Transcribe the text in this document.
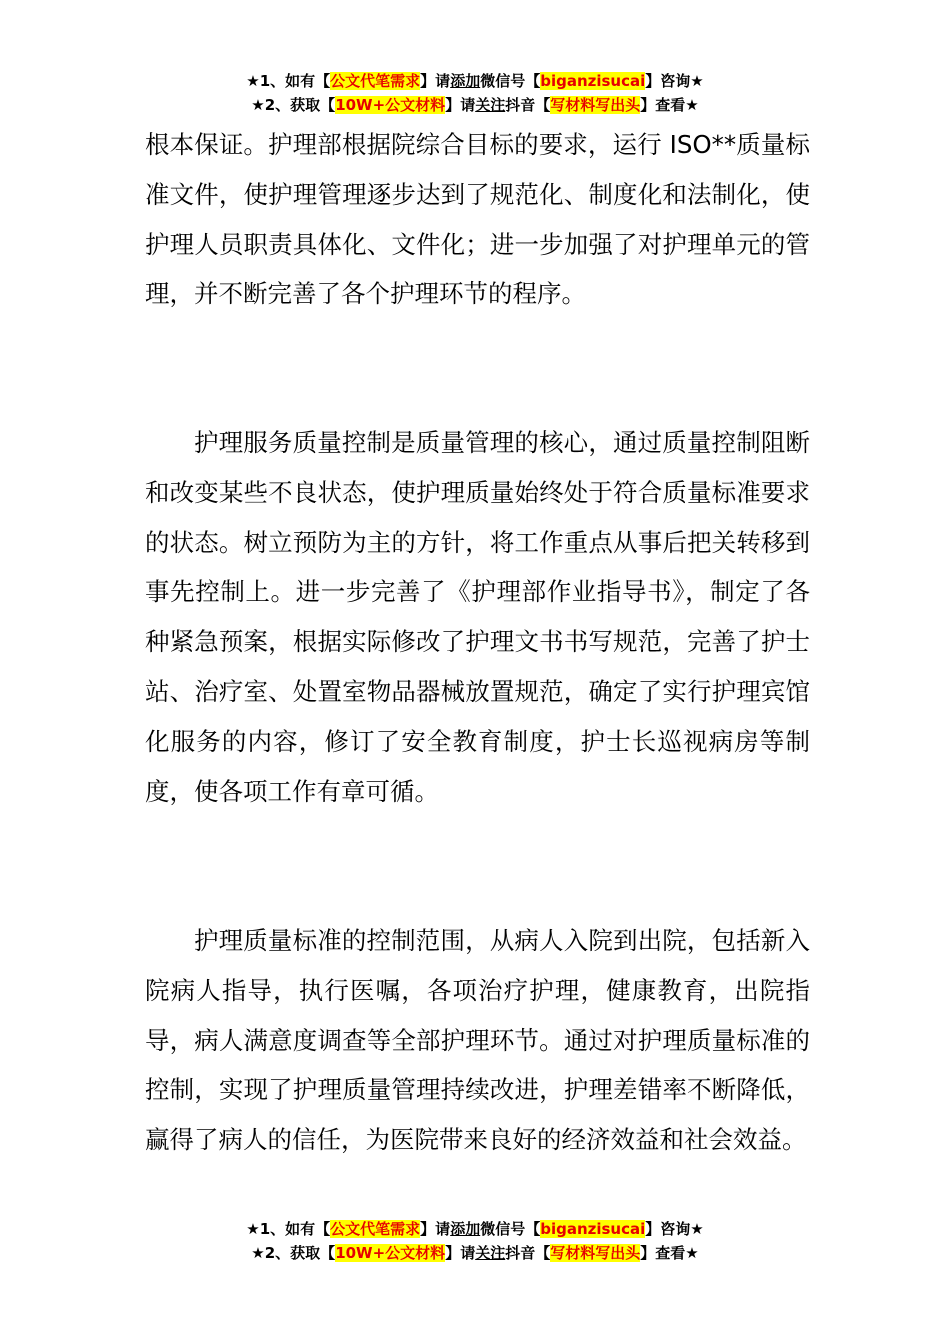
★1、如有【公文代笔需求】请添加微信号【biganzisucai】咨询★
★2、获取【10W+公文材料】请关注抖音【写材料写出头】查看★

根本保证。护理部根据院综合目标的要求，运行 ISO**质量标准文件，使护理管理逐步达到了规范化、制度化和法制化，使护理人员职责具体化、文件化；进一步加强了对护理单元的管理，并不断完善了各个护理环节的程序。

护理服务质量控制是质量管理的核心，通过质量控制阻断和改变某些不良状态，使护理质量始终处于符合质量标准要求的状态。树立预防为主的方针，将工作重点从事后把关转移到事先控制上。进一步完善了《护理部作业指导书》，制定了各种紧急预案，根据实际修改了护理文书书写规范，完善了护士站、治疗室、处置室物品器械放置规范，确定了实行护理宾馆化服务的内容，修订了安全教育制度，护士长巡视病房等制度，使各项工作有章可循。

护理质量标准的控制范围，从病人入院到出院，包括新入院病人指导，执行医嘱，各项治疗护理，健康教育，出院指导，病人满意度调查等全部护理环节。通过对护理质量标准的控制，实现了护理质量管理持续改进，护理差错率不断降低，赢得了病人的信任，为医院带来良好的经济效益和社会效益。

★1、如有【公文代笔需求】请添加微信号【biganzisucai】咨询★
★2、获取【10W+公文材料】请关注抖音【写材料写出头】查看★
